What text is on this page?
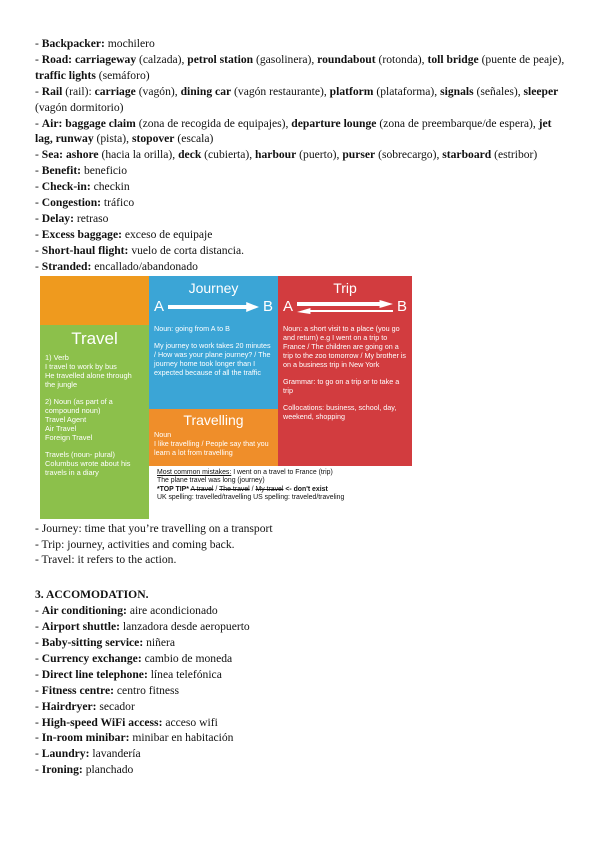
- Backpacker: mochilero

- Road: carriageway (calzada), petrol station (gasolinera), roundabout (rotonda), toll bridge (puente de peaje), traffic lights (semáforo)

- Rail (rail): carriage (vagón), dining car (vagón restaurante), platform (plataforma), signals (señales), sleeper (vagón dormitorio)

- Air: baggage claim (zona de recogida de equipajes), departure lounge (zona de preembarque/de espera), jet lag, runway (pista), stopover (escala)

- Sea: ashore (hacia la orilla), deck (cubierta), harbour (puerto), purser (sobrecargo), starboard (estribor)

- Benefit: beneficio

- Check-in: checkin

- Congestion: tráfico

- Delay: retraso

- Excess baggage: exceso de equipaje

- Short-haul flight: vuelo de corta distancia.

- Stranded: encallado/abandonado

Travel
1) Verb
I travel to work by bus
He travelled alone through the jungle
2) Noun (as part of a compound noun)
Travel Agent
Air Travel
Foreign Travel
Travels (noun- plural)
Columbus wrote about his travels in a diary
Journey
A	B
Noun: going from A to B
My journey to work takes 20 minutes / How was your plane journey? / The journey home took longer than I expected because of all the traffic
Trip
A	B
Noun: a short visit to a place (you go and return) e.g I went on a trip to France / The children are going on a trip to the zoo tomorrow / My brother is on a business trip in New York
Grammar: to go on a trip or to take a trip
Collocations: business, school, day, weekend, shopping
Travelling
Noun
I like travelling / People say that you learn a lot from travelling
Most common mistakes: I went on a travel to France (trip)
The plane travel was long (journey)
*TOP TIP* A travel / The travel / My travel <- don't exist
UK spelling: travelled/travelling US spelling: traveled/traveling

- Journey: time that you’re travelling on a transport

- Trip: journey, activities and coming back.

- Travel: it refers to the action.

3. ACCOMODATION.

- Air conditioning: aire acondicionado

- Airport shuttle: lanzadora desde aeropuerto

- Baby-sitting service: niñera

- Currency exchange: cambio de moneda

- Direct line telephone: línea telefónica

- Fitness centre: centro fitness

- Hairdryer: secador

- High-speed WiFi access: acceso wifi

- In-room minibar: minibar en habitación

- Laundry: lavandería

- Ironing: planchado
